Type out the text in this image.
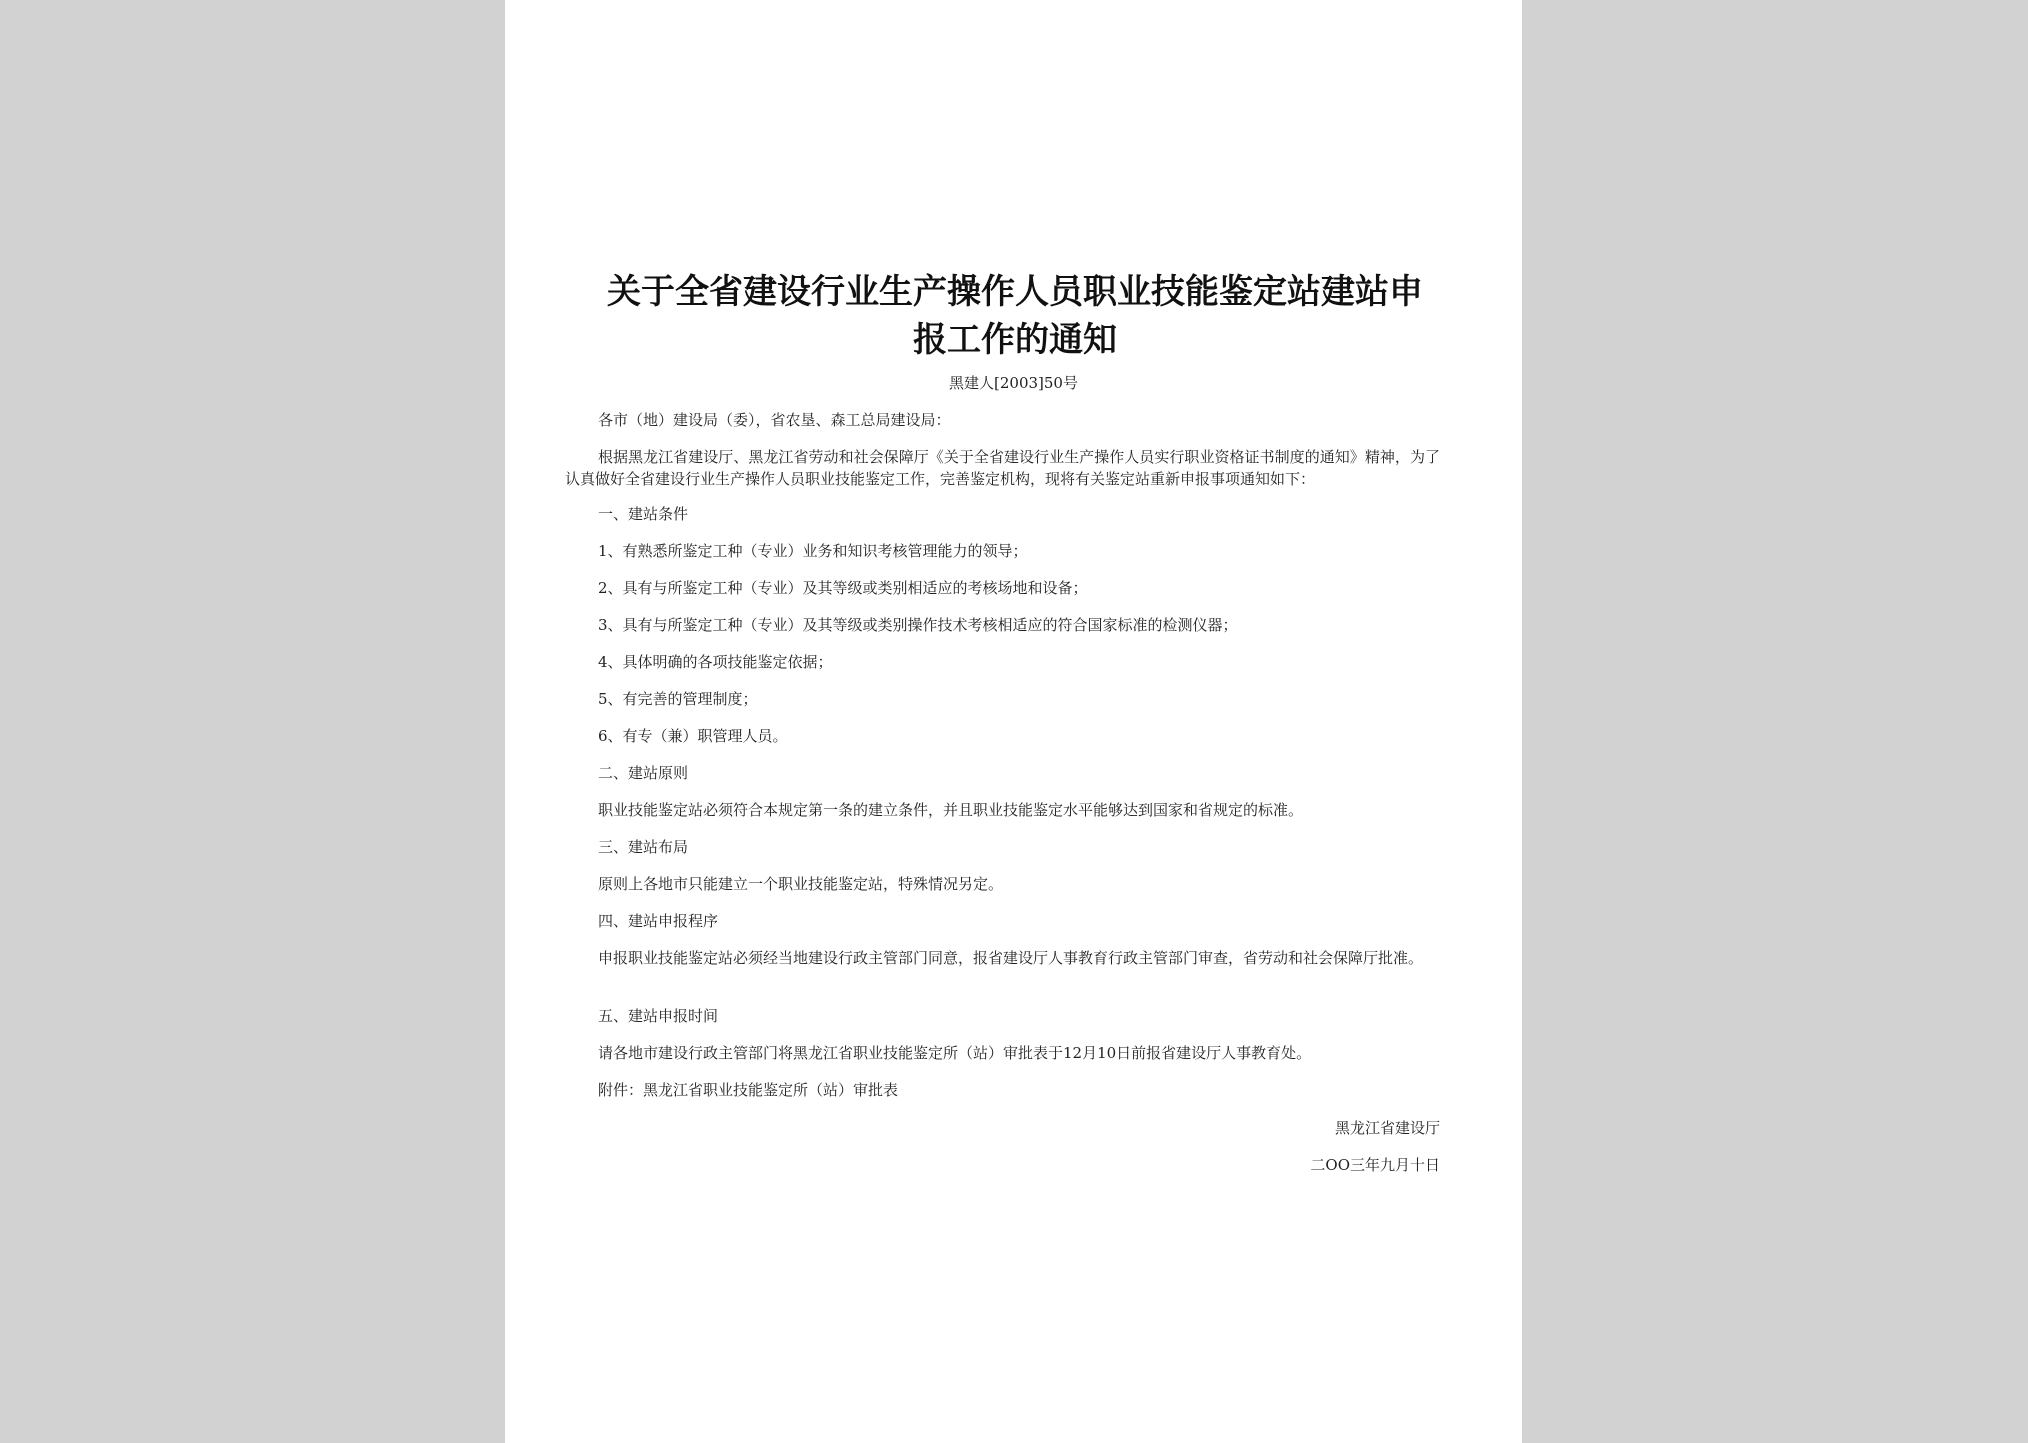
关于全省建设行业生产操作人员职业技能鉴定站建站申
报工作的通知
黑建人[2003]50号
各市（地）建设局（委），省农垦、森工总局建设局：
根据黑龙江省建设厅、黑龙江省劳动和社会保障厅《关于全省建设行业生产操作人员实行职业资格证书制度的通知》精神，为了认真做好全省建设行业生产操作人员职业技能鉴定工作，完善鉴定机构，现将有关鉴定站重新申报事项通知如下：
一、建站条件
1、有熟悉所鉴定工种（专业）业务和知识考核管理能力的领导；
2、具有与所鉴定工种（专业）及其等级或类别相适应的考核场地和设备；
3、具有与所鉴定工种（专业）及其等级或类别操作技术考核相适应的符合国家标准的检测仪器；
4、具体明确的各项技能鉴定依据；
5、有完善的管理制度；
6、有专（兼）职管理人员。
二、建站原则
职业技能鉴定站必须符合本规定第一条的建立条件，并且职业技能鉴定水平能够达到国家和省规定的标准。
三、建站布局
原则上各地市只能建立一个职业技能鉴定站，特殊情况另定。
四、建站申报程序
申报职业技能鉴定站必须经当地建设行政主管部门同意，报省建设厅人事教育行政主管部门审查，省劳动和社会保障厅批准。
五、建站申报时间
请各地市建设行政主管部门将黑龙江省职业技能鉴定所（站）审批表于12月10日前报省建设厅人事教育处。
附件：黑龙江省职业技能鉴定所（站）审批表
黑龙江省建设厅
二OO三年九月十日
